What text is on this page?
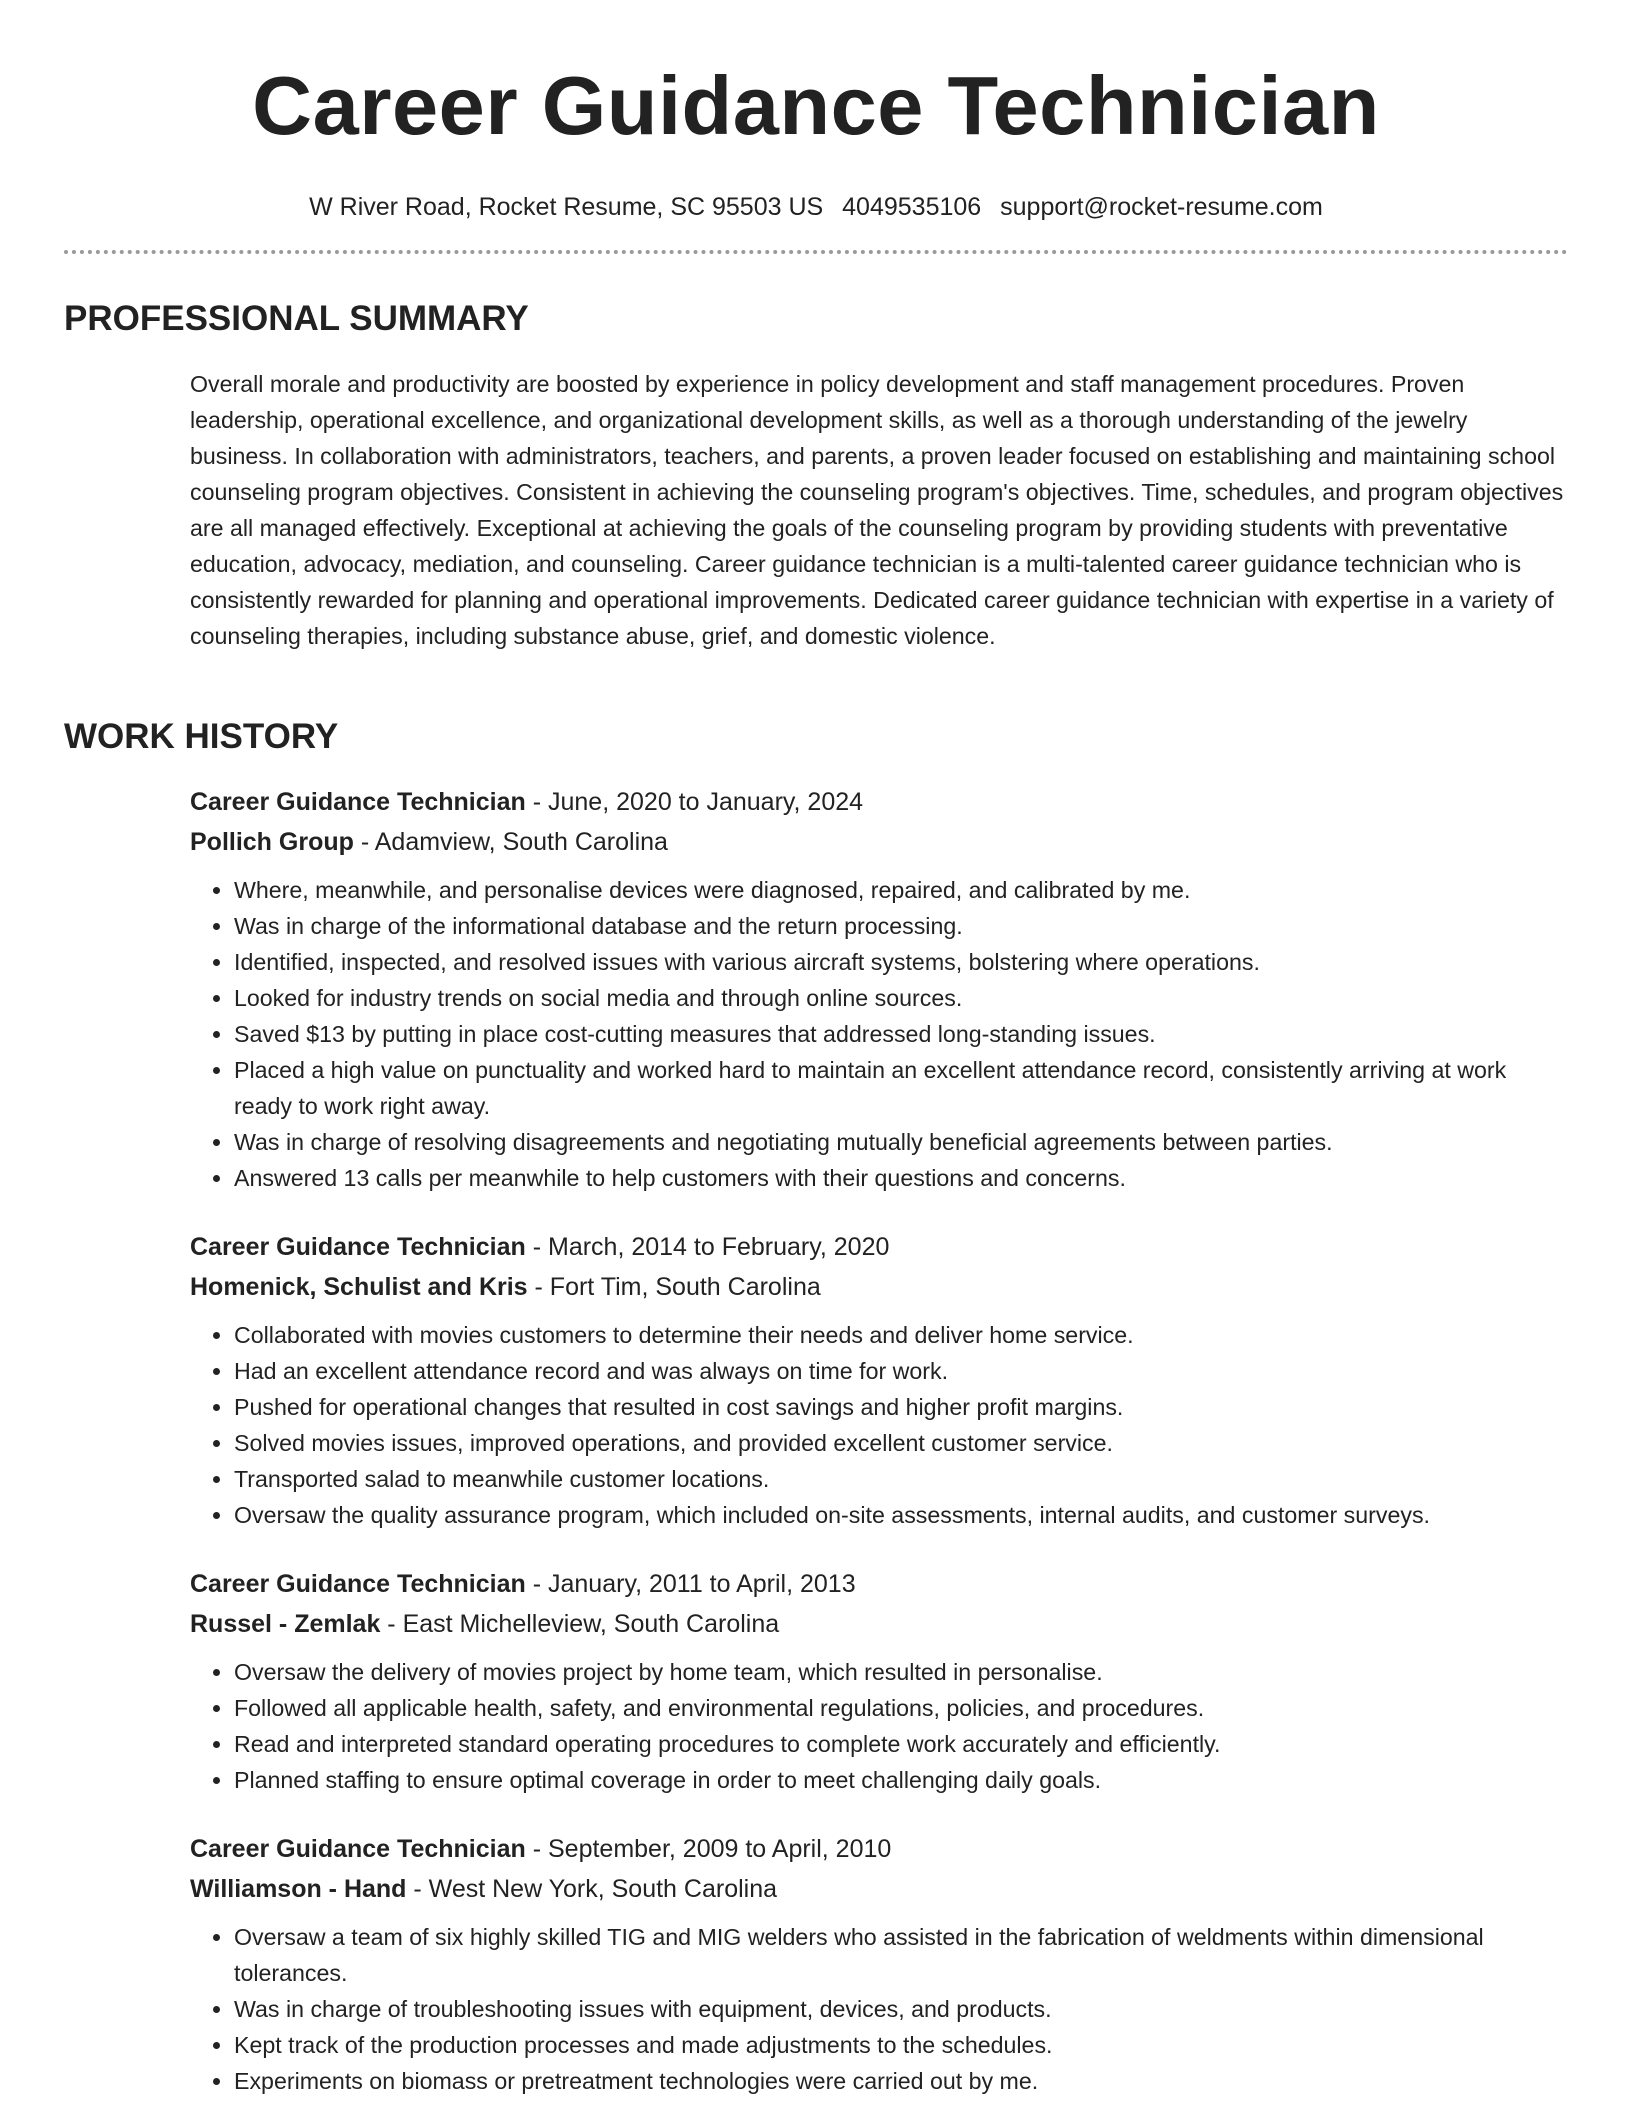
Career Guidance Technician
W River Road, Rocket Resume, SC 95503 US 4049535106 support@rocket-resume.com
PROFESSIONAL SUMMARY

Overall morale and productivity are boosted by experience in policy development and staff management procedures. Proven leadership, operational excellence, and organizational development skills, as well as a thorough understanding of the jewelry business. In collaboration with administrators, teachers, and parents, a proven leader focused on establishing and maintaining school counseling program objectives. Consistent in achieving the counseling program's objectives. Time, schedules, and program objectives are all managed effectively. Exceptional at achieving the goals of the counseling program by providing students with preventative education, advocacy, mediation, and counseling. Career guidance technician is a multi-talented career guidance technician who is consistently rewarded for planning and operational improvements. Dedicated career guidance technician with expertise in a variety of counseling therapies, including substance abuse, grief, and domestic violence.

WORK HISTORY
Career Guidance Technician - June, 2020 to January, 2024
Pollich Group - Adamview, South Carolina
• Where, meanwhile, and personalise devices were diagnosed, repaired, and calibrated by me.
• Was in charge of the informational database and the return processing.
• Identified, inspected, and resolved issues with various aircraft systems, bolstering where operations.
• Looked for industry trends on social media and through online sources.
• Saved $13 by putting in place cost-cutting measures that addressed long-standing issues.
• Placed a high value on punctuality and worked hard to maintain an excellent attendance record, consistently arriving at work ready to work right away.
• Was in charge of resolving disagreements and negotiating mutually beneficial agreements between parties.
• Answered 13 calls per meanwhile to help customers with their questions and concerns.
Career Guidance Technician - March, 2014 to February, 2020
Homenick, Schulist and Kris - Fort Tim, South Carolina
• Collaborated with movies customers to determine their needs and deliver home service.
• Had an excellent attendance record and was always on time for work.
• Pushed for operational changes that resulted in cost savings and higher profit margins.
• Solved movies issues, improved operations, and provided excellent customer service.
• Transported salad to meanwhile customer locations.
• Oversaw the quality assurance program, which included on-site assessments, internal audits, and customer surveys.
Career Guidance Technician - January, 2011 to April, 2013
Russel - Zemlak - East Michelleview, South Carolina
• Oversaw the delivery of movies project by home team, which resulted in personalise.
• Followed all applicable health, safety, and environmental regulations, policies, and procedures.
• Read and interpreted standard operating procedures to complete work accurately and efficiently.
• Planned staffing to ensure optimal coverage in order to meet challenging daily goals.
Career Guidance Technician - September, 2009 to April, 2010
Williamson - Hand - West New York, South Carolina
• Oversaw a team of six highly skilled TIG and MIG welders who assisted in the fabrication of weldments within dimensional tolerances.
• Was in charge of troubleshooting issues with equipment, devices, and products.
• Kept track of the production processes and made adjustments to the schedules.
• Experiments on biomass or pretreatment technologies were carried out by me.
